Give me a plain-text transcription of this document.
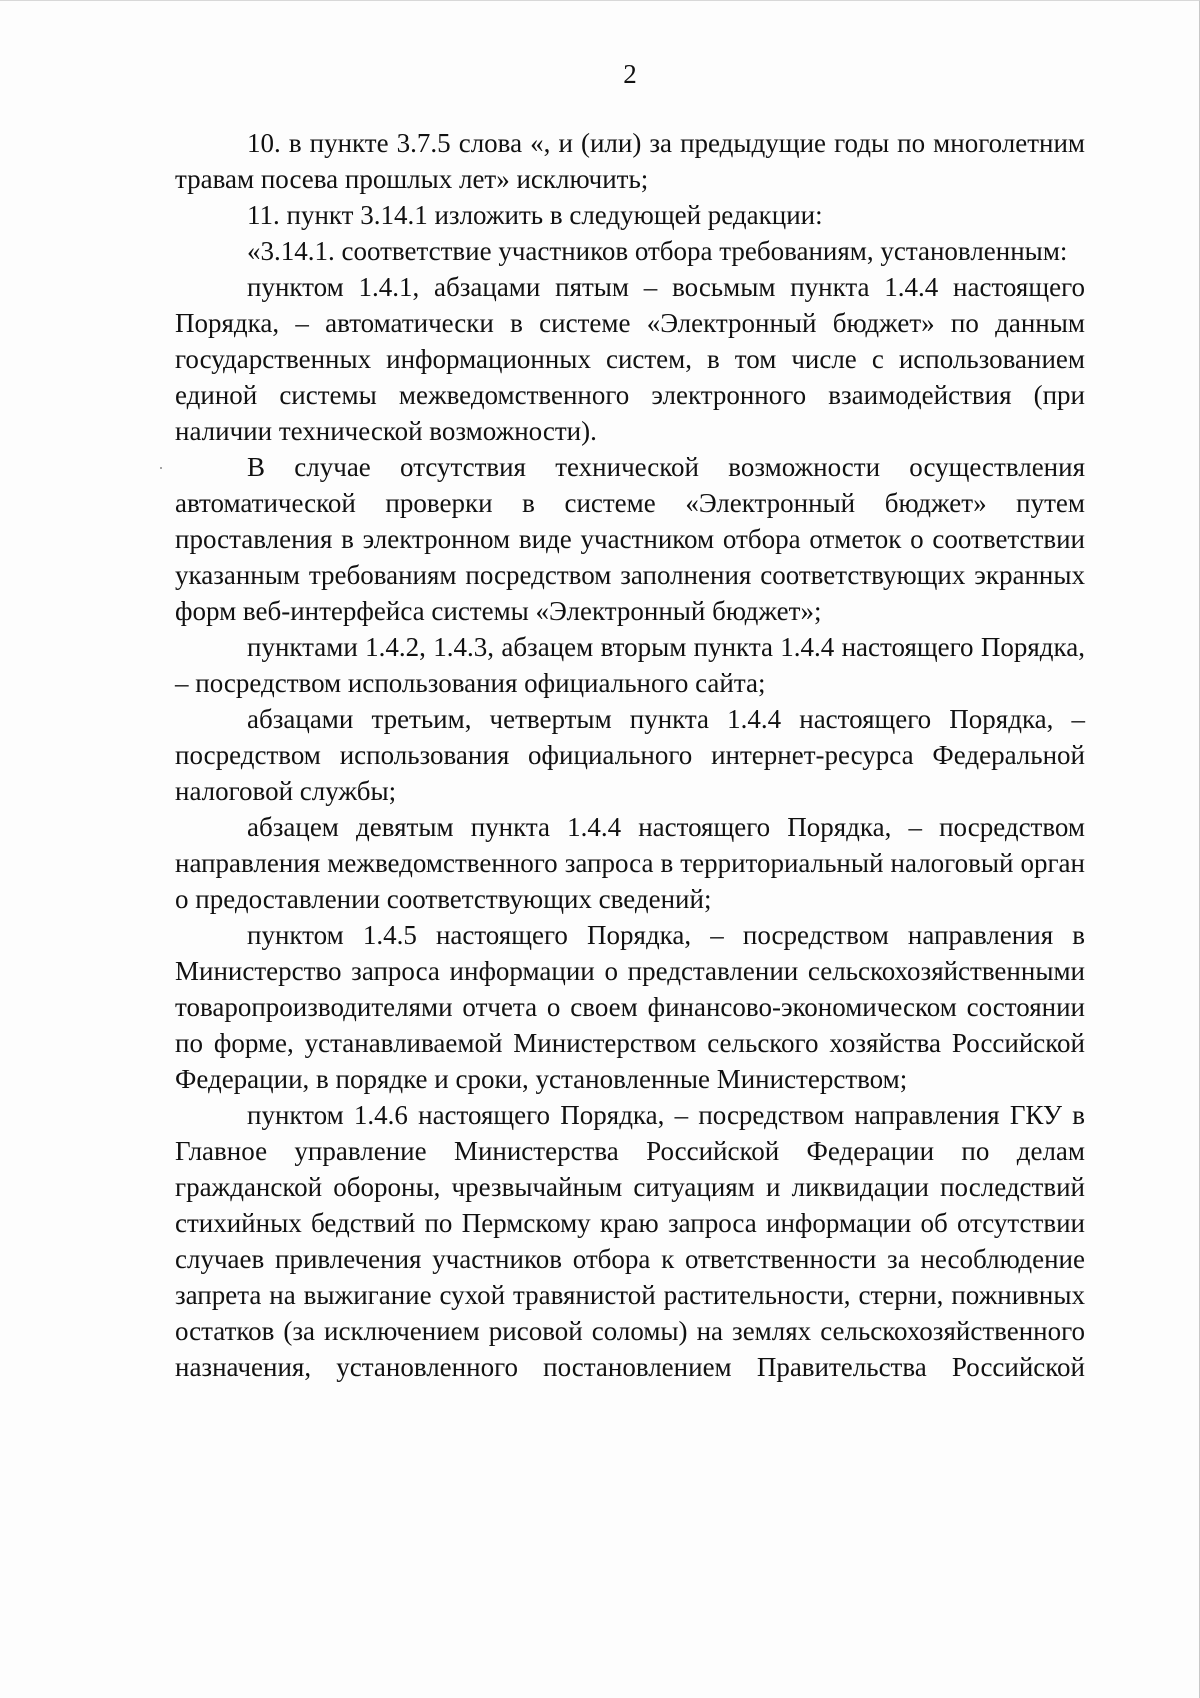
2

10. в пункте 3.7.5 слова «, и (или) за предыдущие годы по многолетним травам посева прошлых лет» исключить;

11. пункт 3.14.1 изложить в следующей редакции:

«3.14.1. соответствие участников отбора требованиям, установленным:

пунктом 1.4.1, абзацами пятым – восьмым пункта 1.4.4 настоящего Порядка, – автоматически в системе «Электронный бюджет» по данным государственных информационных систем, в том числе с использованием единой системы межведомственного электронного взаимодействия (при наличии технической возможности).

В случае отсутствия технической возможности осуществления автоматической проверки в системе «Электронный бюджет» путем проставления в электронном виде участником отбора отметок о соответствии указанным требованиям посредством заполнения соответствующих экранных форм веб-интерфейса системы «Электронный бюджет»;

пунктами 1.4.2, 1.4.3, абзацем вторым пункта 1.4.4 настоящего Порядка, – посредством использования официального сайта;

абзацами третьим, четвертым пункта 1.4.4 настоящего Порядка, – посредством использования официального интернет-ресурса Федеральной налоговой службы;

абзацем девятым пункта 1.4.4 настоящего Порядка, – посредством направления межведомственного запроса в территориальный налоговый орган о предоставлении соответствующих сведений;

пунктом 1.4.5 настоящего Порядка, – посредством направления в Министерство запроса информации о представлении сельскохозяйственными товаропроизводителями отчета о своем финансово-экономическом состоянии по форме, устанавливаемой Министерством сельского хозяйства Российской Федерации, в порядке и сроки, установленные Министерством;

пунктом 1.4.6 настоящего Порядка, – посредством направления ГКУ в Главное управление Министерства Российской Федерации по делам гражданской обороны, чрезвычайным ситуациям и ликвидации последствий стихийных бедствий по Пермскому краю запроса информации об отсутствии случаев привлечения участников отбора к ответственности за несоблюдение запрета на выжигание сухой травянистой растительности, стерни, пожнивных остатков (за исключением рисовой соломы) на землях сельскохозяйственного назначения, установленного постановлением Правительства Российской
